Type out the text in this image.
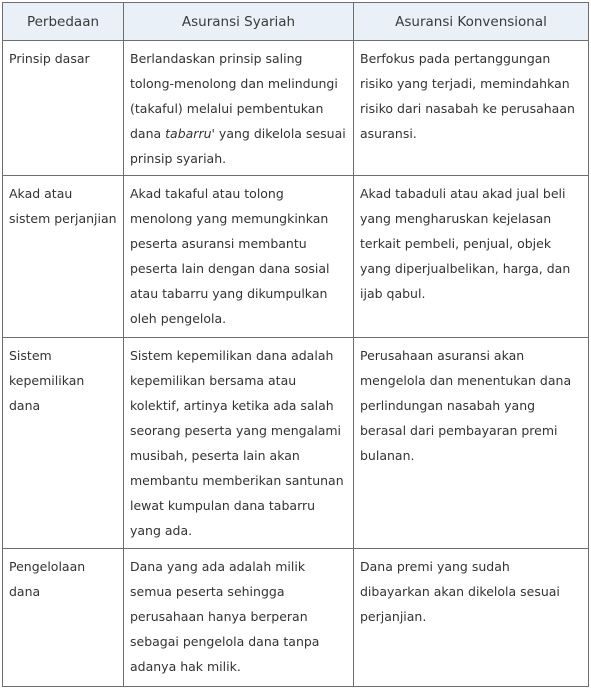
Perbedaan	Asuransi Syariah	Asuransi Konvensional
Prinsip dasar	Berlandaskan prinsip saling tolong-menolong dan melindungi (takaful) melalui pembentukan dana tabarru' yang dikelola sesuai prinsip syariah.	Berfokus pada pertanggungan risiko yang terjadi, memindahkan risiko dari nasabah ke perusahaan asuransi.
Akad atau sistem perjanjian	Akad takaful atau tolong menolong yang memungkinkan peserta asuransi membantu peserta lain dengan dana sosial atau tabarru yang dikumpulkan oleh pengelola.	Akad tabaduli atau akad jual beli yang mengharuskan kejelasan terkait pembeli, penjual, objek yang diperjualbelikan, harga, dan ijab qabul.
Sistem kepemilikan dana	Sistem kepemilikan dana adalah kepemilikan bersama atau kolektif, artinya ketika ada salah seorang peserta yang mengalami musibah, peserta lain akan membantu memberikan santunan lewat kumpulan dana tabarru yang ada.	Perusahaan asuransi akan mengelola dan menentukan dana perlindungan nasabah yang berasal dari pembayaran premi bulanan.
Pengelolaan dana	Dana yang ada adalah milik semua peserta sehingga perusahaan hanya berperan sebagai pengelola dana tanpa adanya hak milik.	Dana premi yang sudah dibayarkan akan dikelola sesuai perjanjian.
